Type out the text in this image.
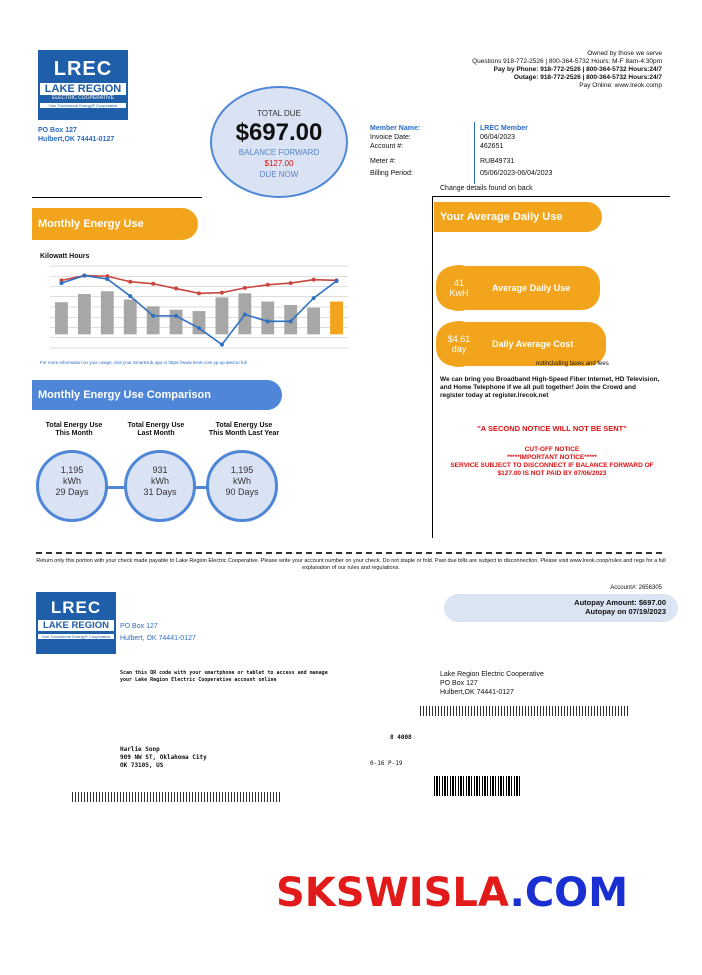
LREC
LAKE REGION
ELECTRIC COOPERATIVE
Your Touchstone Energy® Cooperative
PO Box 127
Hulbert,OK 74441-0127
TOTAL DUE
$697.00
BALANCE FORWARD
$127.00
DUE NOW
Owned by those we serve
Questions 918-772-2526 | 800-364-5732 Hours: M-F 8am-4:30pm
Pay by Phone: 918-772-2526 | 800-364-5732 Hours:24/7
Outage: 918-772-2526 | 800-364-5732 Hours:24/7
Pay Online: www.lreok.comp
Member Name:	LREC Member
Invoice Date:	06/04/2023
Account #:	462651
Meter #:	RUB49731
Billing Period:	05/06/2023-06/04/2023
Change details found on back
Monthly Energy Use
Kilowatt Hours
For more information on your usage, visit your SmartHub app or https://www.lreok.com.yp.up.ated.to.full
Monthly Energy Use Comparison
Total Energy Use
This Month
Total Energy Use
Last Month
Total Energy Use
This Month Last Year
1,195
kWh
29 Days
931
kWh
31 Days
1,195
kWh
90 Days
Your Average Daily Use
41
KwH	Average Daily Use
$4.61
day	Daily Average Cost
notincluding taxes and fees
We can bring you Broadband High-Speed Fiber Internet, HD Television, and Home Telephone if we all pull together! Join the Crowd and register today at register.lrecok.net
"A SECOND NOTICE WILL NOT BE SENT"
CUT-OFF NOTICE
*****IMPORTANT NOTICE*****
SERVICE SUBJECT TO DISCONNECT IF BALANCE FORWARD OF $127.00 IS NOT PAID BY 07/06/2023
Return only this portion with your check made payable to Lake Region Electric Cooperative. Please write your account number on your check. Do not staple or fold. Past due bills are subject to disconnection. Please visit www.lreok.coop/rules and regs for a full explanation of our rules and regulations.
Account#: 2656305
Autopay Amount: $697.00
Autopay on 07/19/2023
LREC
LAKE REGION
Your Touchstone Energy® Cooperative
PO Box 127
Hulbert, OK 74441-0127
Scan this QR code with your smartphone or tablet to access and manage your Lake Region Electric Cooperative account online
Lake Region Electric Cooperative
PO Box 127
Hulbert,OK 74441-0127
8 4008
Harlie Sonp
909 NW ST, Oklahoma City
OK 73105, US	0-16 P-19
SKSWISLA.COM
